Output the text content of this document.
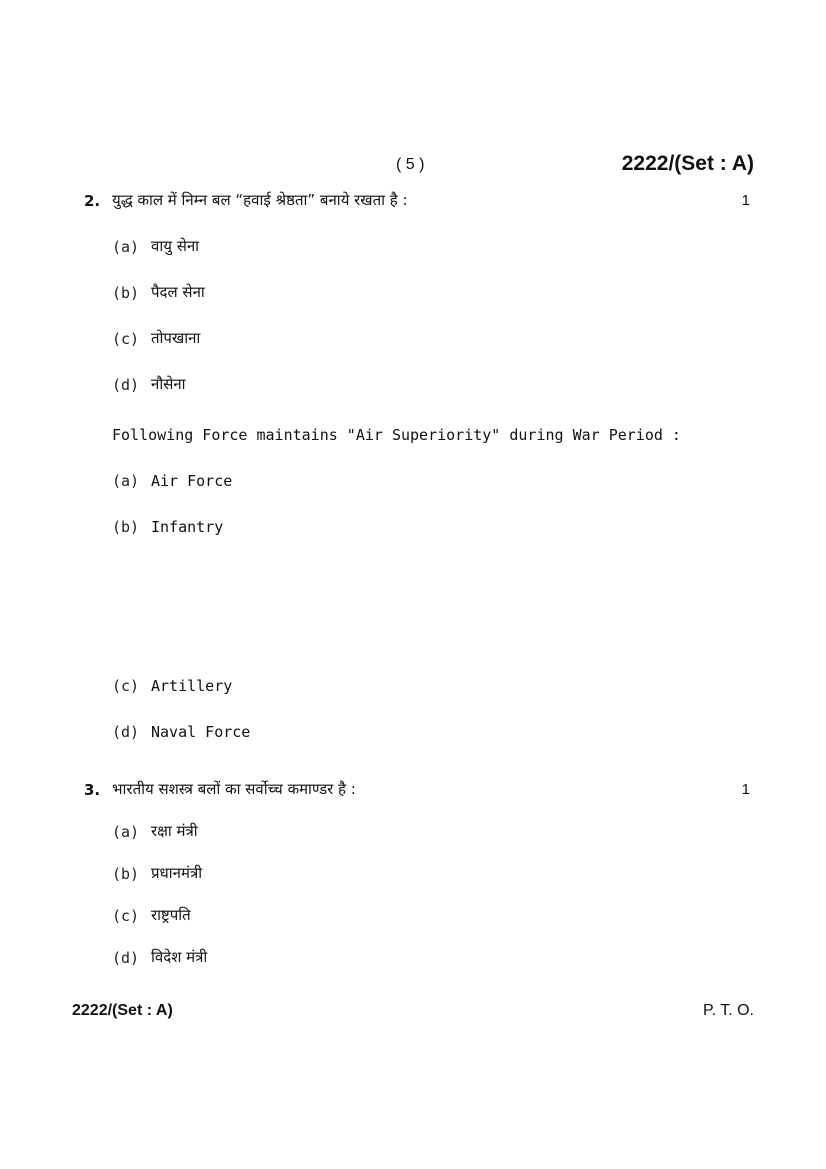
( 5 )	2222/(Set : A)
2. युद्ध काल में निम्न बल “हवाई श्रेष्ठता” बनाये रखता है :	1
(a) वायु सेना
(b) पैदल सेना
(c) तोपखाना
(d) नौसेना
Following Force maintains "Air Superiority" during War Period :
(a) Air Force
(b) Infantry
(c) Artillery
(d) Naval Force
3. भारतीय सशस्त्र बलों का सर्वोच्च कमाण्डर है :	1
(a) रक्षा मंत्री
(b) प्रधानमंत्री
(c) राष्ट्रपति
(d) विदेश मंत्री
2222/(Set : A)	P. T. O.
